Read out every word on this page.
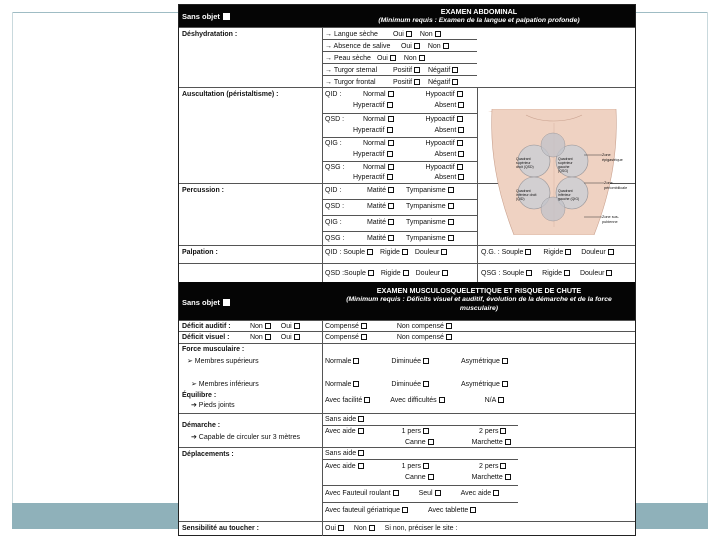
Sans objet
EXAMEN ABDOMINAL
(Minimum requis : Examen de la langue et palpation profonde)
Déshydratation :	→ Langue sèche Oui Non
→ Absence de salive Oui Non
→ Peau sèche Oui Non
→ Turgor sternal Positif Négatif
→ Turgor frontal Positif Négatif
Auscultation (péristaltisme) :	QID :	Normal	Hypoactif
Hyperactif	Absent
QSD :	Normal	Hypoactif
Hyperactif	Absent
QIG :	Normal	Hypoactif
Hyperactif	Absent
QSG :	Normal	Hypoactif
Hyperactif	Absent
Percussion :	QID :	Matité	Tympanisme
QSD :	Matité	Tympanisme
QIG :	Matité	Tympanisme
QSG :	Matité	Tympanisme
Palpation :	QID : Souple Rigide Douleur	Q.G. : Souple	Rigide	Douleur
QSD :Souple Rigide Douleur	QSG : Souple	Rigide	Douleur
Quadrant supérieur droit (QSD)
Quadrant supérieur gauche (QSG)
Quadrant inférieur droit (QID)
Quadrant inférieur gauche (QIG)
Zone épigastrique
Zone périombilicale
Zone sus-pubienne
Sans objet
EXAMEN MUSCULOSQUELETTIQUE ET RISQUE DE CHUTE
(Minimum requis : Déficits visuel et auditif, évolution de la démarche et de la force musculaire)
Déficit auditif :	Non	Oui	Compensé	Non compensé
Déficit visuel :	Non	Oui	Compensé	Non compensé
Force musculaire :
➢ Membres supérieurs	Normale	Diminuée	Asymétrique
➢ Membres inférieurs	Normale	Diminuée	Asymétrique
Équilibre :
➔ Pieds joints
Avec facilité	Avec difficultés	N/A
Démarche :
➔ Capable de circuler sur 3 mètres
Sans aide
Avec aide	1 pers	2 pers
Canne	Marchette
Déplacements :	Sans aide
Avec aide	1 pers	2 pers
Canne	Marchette
Avec Fauteuil roulant	Seul	Avec aide
Avec fauteuil gériatrique	Avec tablette
Sensibilité au toucher :	Oui	Non	Si non, préciser le site :
